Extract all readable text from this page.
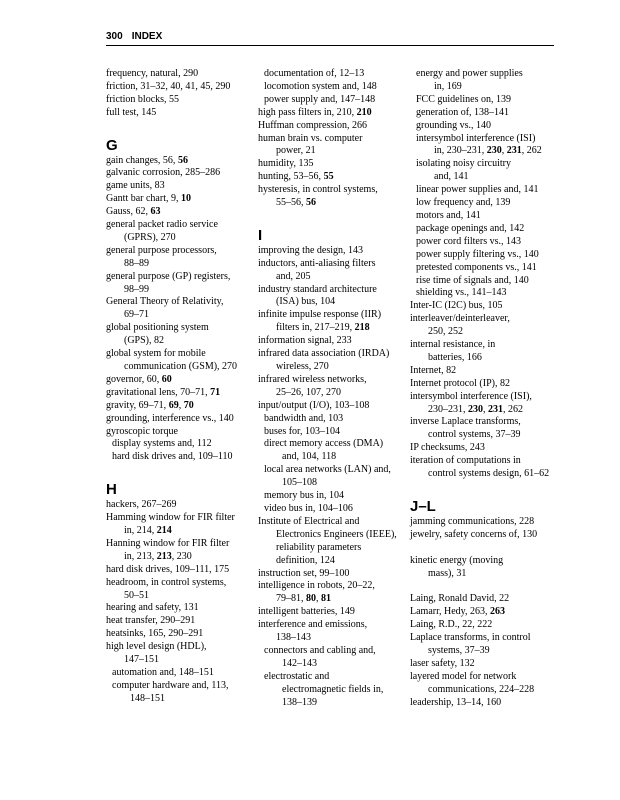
300 INDEX
frequency, natural, 290
friction, 31–32, 40, 41, 45, 290
friction blocks, 55
full test, 145
G
gain changes, 56, 56
galvanic corrosion, 285–286
game units, 83
Gantt bar chart, 9, 10
Gauss, 62, 63
general packet radio service
(GPRS), 270
general purpose processors,
88–89
general purpose (GP) registers,
98–99
General Theory of Relativity,
69–71
global positioning system
(GPS), 82
global system for mobile
communication (GSM), 270
governor, 60, 60
gravitational lens, 70–71, 71
gravity, 69–71, 69, 70
grounding, interference vs., 140
gyroscopic torque
display systems and, 112
hard disk drives and, 109–110
H
hackers, 267–269
Hamming window for FIR filter
in, 214, 214
Hanning window for FIR filter
in, 213, 213, 230
hard disk drives, 109–111, 175
headroom, in control systems,
50–51
hearing and safety, 131
heat transfer, 290–291
heatsinks, 165, 290–291
high level design (HDL),
147–151
automation and, 148–151
computer hardware and, 113,
148–151
documentation of, 12–13
locomotion system and, 148
power supply and, 147–148
high pass filters in, 210, 210
Huffman compression, 266
human brain vs. computer
power, 21
humidity, 135
hunting, 53–56, 55
hysteresis, in control systems,
55–56, 56
I
improving the design, 143
inductors, anti-aliasing filters
and, 205
industry standard architecture
(ISA) bus, 104
infinite impulse response (IIR)
filters in, 217–219, 218
information signal, 233
infrared data association (IRDA)
wireless, 270
infrared wireless networks,
25–26, 107, 270
input/output (I/O), 103–108
bandwidth and, 103
buses for, 103–104
direct memory access (DMA)
and, 104, 118
local area networks (LAN) and,
105–108
memory bus in, 104
video bus in, 104–106
Institute of Electrical and
Electronics Engineers (IEEE),
reliability parameters
definition, 124
instruction set, 99–100
intelligence in robots, 20–22,
79–81, 80, 81
intelligent batteries, 149
interference and emissions,
138–143
connectors and cabling and,
142–143
electrostatic and
electromagnetic fields in,
138–139
energy and power supplies
in, 169
FCC guidelines on, 139
generation of, 138–141
grounding vs., 140
intersymbol interference (ISI)
in, 230–231, 230, 231, 262
isolating noisy circuitry
and, 141
linear power supplies and, 141
low frequency and, 139
motors and, 141
package openings and, 142
power cord filters vs., 143
power supply filtering vs., 140
pretested components vs., 141
rise time of signals and, 140
shielding vs., 141–143
Inter-IC (I2C) bus, 105
interleaver/deinterleaver,
250, 252
internal resistance, in
batteries, 166
Internet, 82
Internet protocol (IP), 82
intersymbol interference (ISI),
230–231, 230, 231, 262
inverse Laplace transforms,
control systems, 37–39
IP checksums, 243
iteration of computations in
control systems design, 61–62
J–L
jamming communications, 228
jewelry, safety concerns of, 130
kinetic energy (moving
mass), 31
Laing, Ronald David, 22
Lamarr, Hedy, 263, 263
Laing, R.D., 22, 222
Laplace transforms, in control
systems, 37–39
laser safety, 132
layered model for network
communications, 224–228
leadership, 13–14, 160
